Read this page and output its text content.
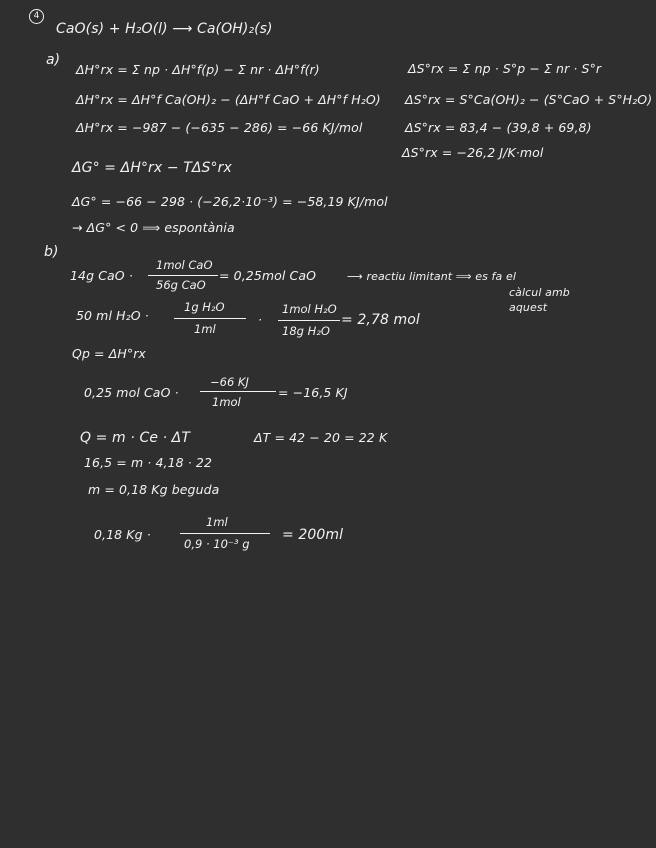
4
CaO(s) + H₂O(l) ⟶ Ca(OH)₂(s)
a)
ΔH°rx = Σ np · ΔH°f(p) − Σ nr · ΔH°f(r)
ΔH°rx = ΔH°f Ca(OH)₂ − (ΔH°f CaO + ΔH°f H₂O)
ΔH°rx = −987 − (−635 − 286) = −66 KJ/mol
ΔS°rx = Σ np · S°p − Σ nr · S°r
ΔS°rx = S°Ca(OH)₂ − (S°CaO + S°H₂O)
ΔS°rx = 83,4 − (39,8 + 69,8)
ΔS°rx = −26,2 J/K·mol
ΔG° = ΔH°rx − TΔS°rx
ΔG° = −66 − 298 · (−26,2·10⁻³) = −58,19 KJ/mol
→ ΔG° < 0 ⟹ espontània
b)
14g CaO ·
1mol CaO
56g CaO
= 0,25mol CaO	⟶ reactiu limitant ⟹ es fa el
càlcul amb
aquest
50 ml H₂O ·
1g H₂O
1ml
·
1mol H₂O
18g H₂O
= 2,78 mol
Qp = ΔH°rx
0,25 mol CaO ·
−66 KJ
1mol
= −16,5 KJ
Q = m · Ce · ΔT	ΔT = 42 − 20 = 22 K
16,5 = m · 4,18 · 22
m = 0,18 Kg beguda
0,18 Kg ·
1ml
0,9 · 10⁻³ g
= 200ml
